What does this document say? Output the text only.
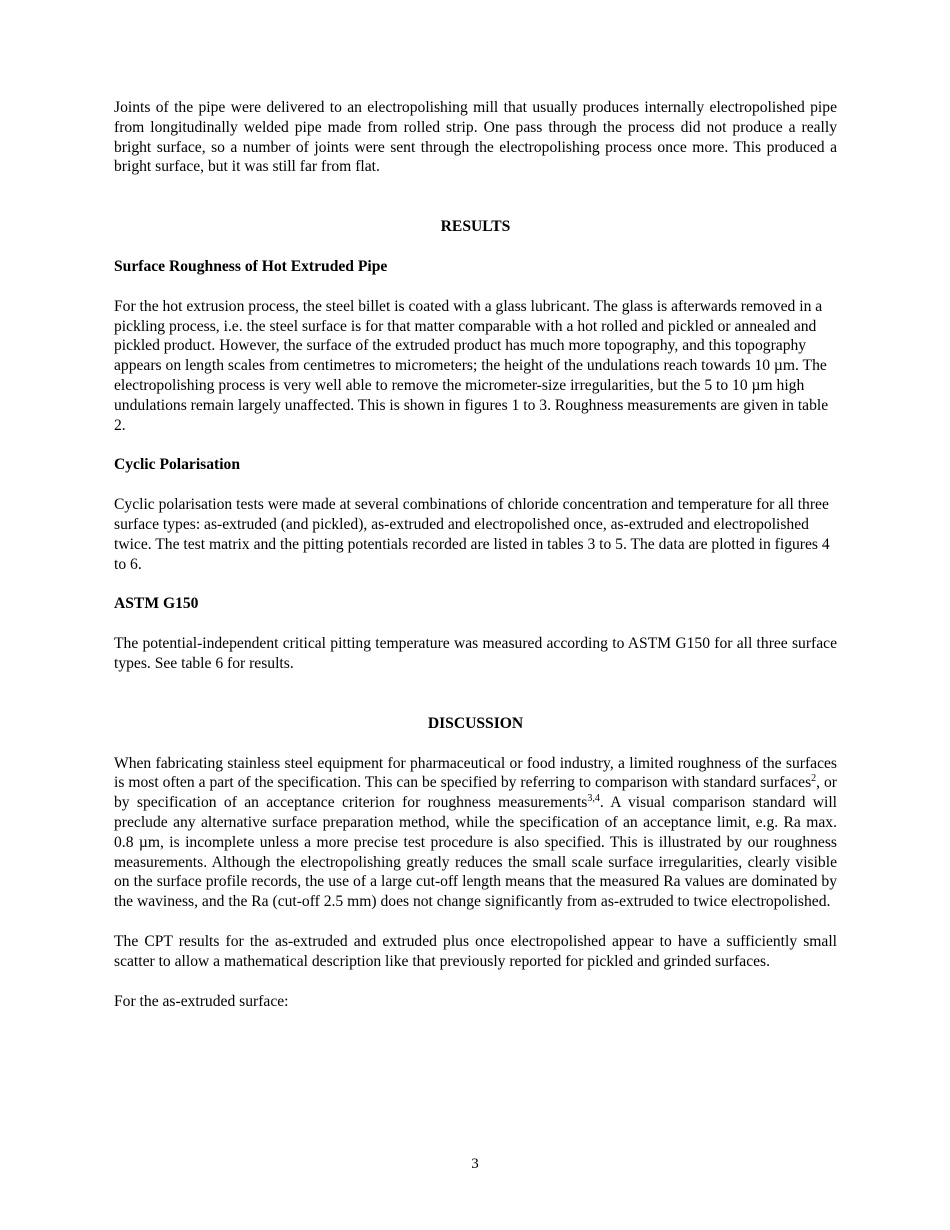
Joints of the pipe were delivered to an electropolishing mill that usually produces internally electropolished pipe from longitudinally welded pipe made from rolled strip. One pass through the process did not produce a really bright surface, so a number of joints were sent through the electropolishing process once more. This produced a bright surface, but it was still far from flat.

RESULTS

Surface Roughness of Hot Extruded Pipe

For the hot extrusion process, the steel billet is coated with a glass lubricant. The glass is afterwards removed in a pickling process, i.e. the steel surface is for that matter comparable with a hot rolled and pickled or annealed and pickled product. However, the surface of the extruded product has much more topography, and this topography appears on length scales from centimetres to micrometers; the height of the undulations reach towards 10 µm. The electropolishing process is very well able to remove the micrometer-size irregularities, but the 5 to 10 µm high undulations remain largely unaffected. This is shown in figures 1 to 3. Roughness measurements are given in table 2.

Cyclic Polarisation

Cyclic polarisation tests were made at several combinations of chloride concentration and temperature for all three surface types: as-extruded (and pickled), as-extruded and electropolished once, as-extruded and electropolished twice. The test matrix and the pitting potentials recorded are listed in tables 3 to 5. The data are plotted in figures 4 to 6.

ASTM G150

The potential-independent critical pitting temperature was measured according to ASTM G150 for all three surface types. See table 6 for results.

DISCUSSION

When fabricating stainless steel equipment for pharmaceutical or food industry, a limited roughness of the surfaces is most often a part of the specification. This can be specified by referring to comparison with standard surfaces$^2$, or by specification of an acceptance criterion for roughness measurements$^{3,4}$. A visual comparison standard will preclude any alternative surface preparation method, while the specification of an acceptance limit, e.g. Ra max. 0.8 µm, is incomplete unless a more precise test procedure is also specified. This is illustrated by our roughness measurements. Although the electropolishing greatly reduces the small scale surface irregularities, clearly visible on the surface profile records, the use of a large cut-off length means that the measured Ra values are dominated by the waviness, and the Ra (cut-off 2.5 mm) does not change significantly from as-extruded to twice electropolished.

The CPT results for the as-extruded and extruded plus once electropolished appear to have a sufficiently small scatter to allow a mathematical description like that previously reported for pickled and grinded surfaces.

For the as-extruded surface:

3
